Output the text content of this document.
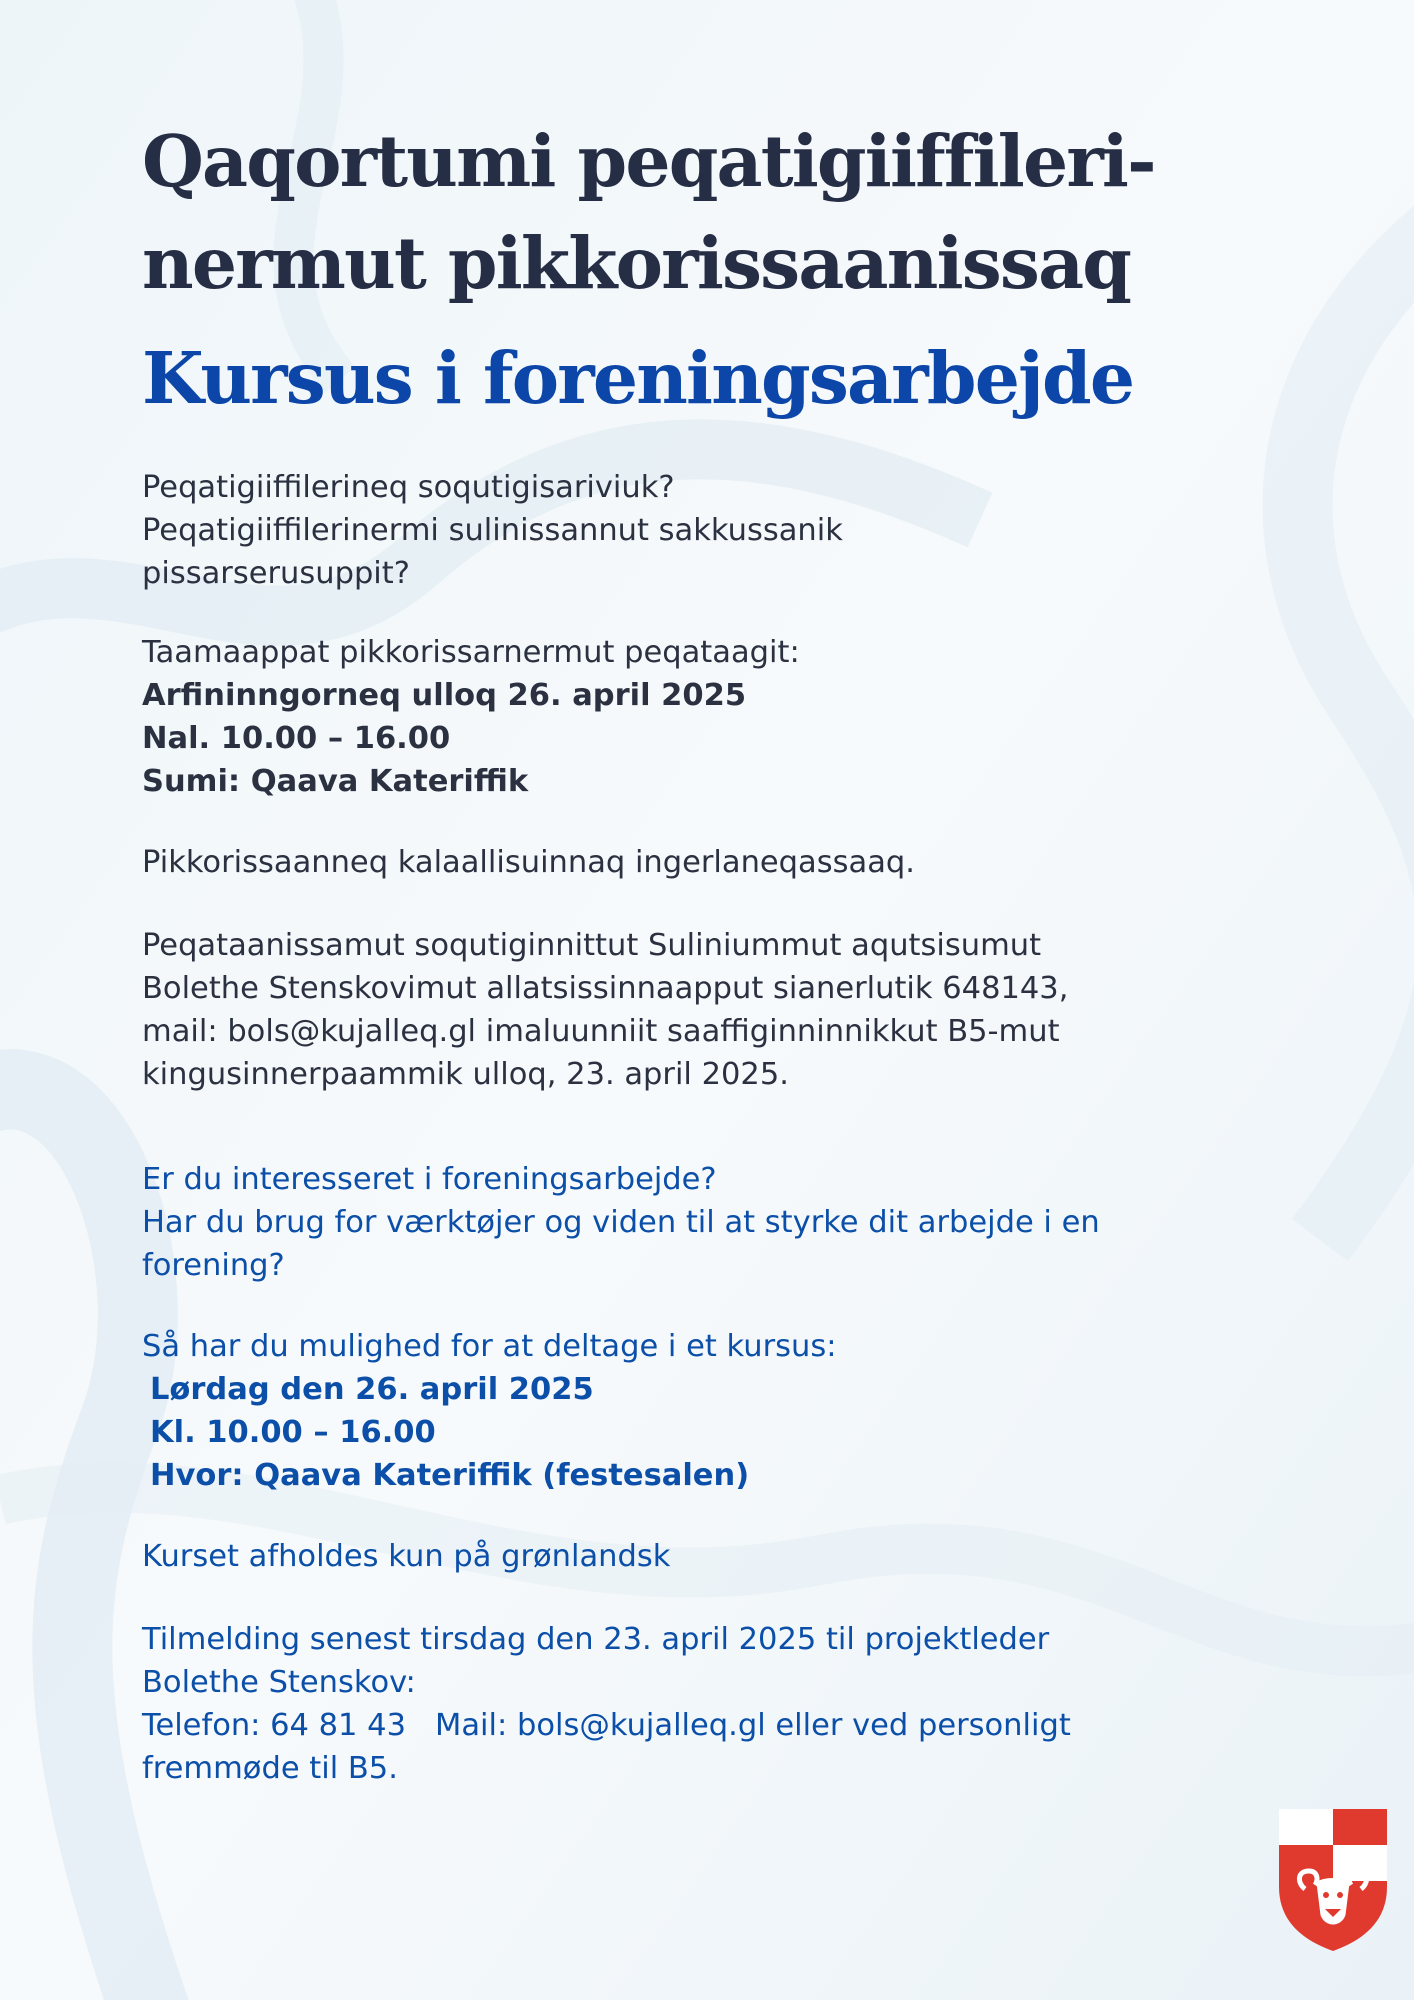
Qaqortumi peqatigiiffileri-
nermut pikkorissaanissaq
Kursus i foreningsarbejde

Peqatigiiffilerineq soqutigisariviuk?

Peqatigiiffilerinermi sulinissannut sakkussanik

pissarserusuppit?

Taamaappat pikkorissarnermut peqataagit:

Arfininngorneq ulloq 26. april 2025

Nal. 10.00 – 16.00

Sumi: Qaava Kateriffik

Pikkorissaanneq kalaallisuinnaq ingerlaneqassaaq.

Peqataanissamut soqutiginnittut Suliniummut aqutsisumut

Bolethe Stenskovimut allatsissinnaapput sianerlutik 648143,

mail: bols@kujalleq.gl imaluunniit saaffiginninnikkut B5-mut

kingusinnerpaammik ulloq, 23. april 2025.

Er du interesseret i foreningsarbejde?

Har du brug for værktøjer og viden til at styrke dit arbejde i en

forening?

Så har du mulighed for at deltage i et kursus:

Lørdag den 26. april 2025

Kl. 10.00 – 16.00

Hvor: Qaava Kateriffik (festesalen)

Kurset afholdes kun på grønlandsk

Tilmelding senest tirsdag den 23. april 2025 til projektleder

Bolethe Stenskov:

Telefon: 64 81 43   Mail: bols@kujalleq.gl eller ved personligt

fremmøde til B5.
